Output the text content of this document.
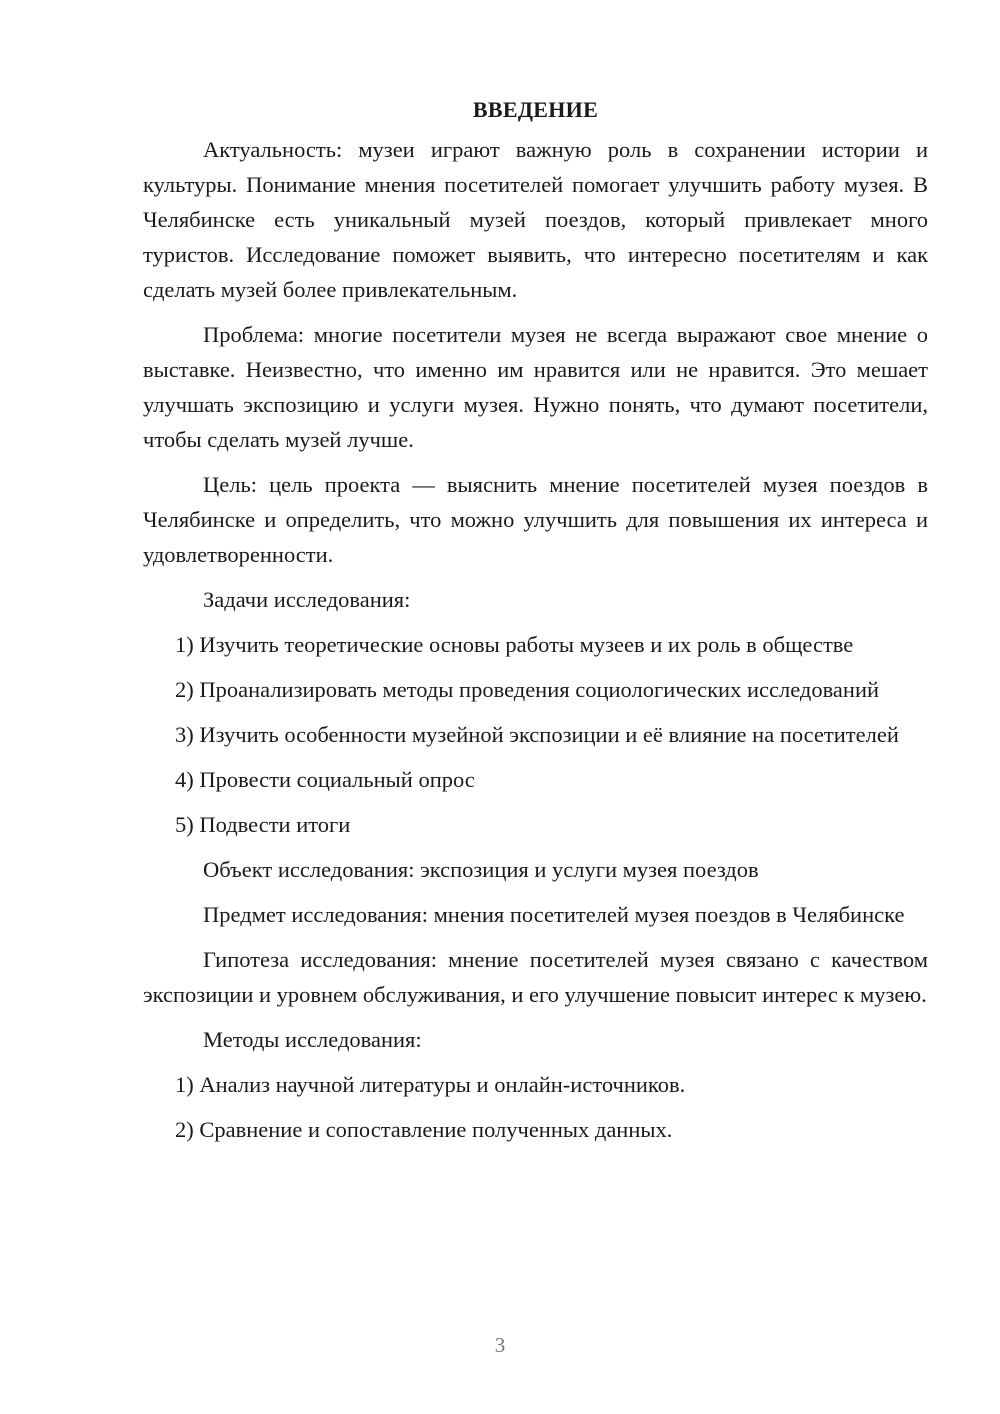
ВВЕДЕНИЕ

Актуальность: музеи играют важную роль в сохранении истории и культуры. Понимание мнения посетителей помогает улучшить работу музея. В Челябинске есть уникальный музей поездов, который привлекает много туристов. Исследование поможет выявить, что интересно посетителям и как сделать музей более привлекательным.

Проблема: многие посетители музея не всегда выражают свое мнение о выставке. Неизвестно, что именно им нравится или не нравится. Это мешает улучшать экспозицию и услуги музея. Нужно понять, что думают посетители, чтобы сделать музей лучше.

Цель: цель проекта — выяснить мнение посетителей музея поездов в Челябинске и определить, что можно улучшить для повышения их интереса и удовлетворенности.

Задачи исследования:

1) Изучить теоретические основы работы музеев и их роль в обществе

2) Проанализировать методы проведения социологических исследований

3) Изучить особенности музейной экспозиции и её влияние на посетителей

4) Провести социальный опрос

5) Подвести итоги

Объект исследования: экспозиция и услуги музея поездов

Предмет исследования: мнения посетителей музея поездов в Челябинске

Гипотеза исследования: мнение посетителей музея связано с качеством экспозиции и уровнем обслуживания, и его улучшение повысит интерес к музею.

Методы исследования:

1) Анализ научной литературы и онлайн-источников.

2) Сравнение и сопоставление полученных данных.

3
